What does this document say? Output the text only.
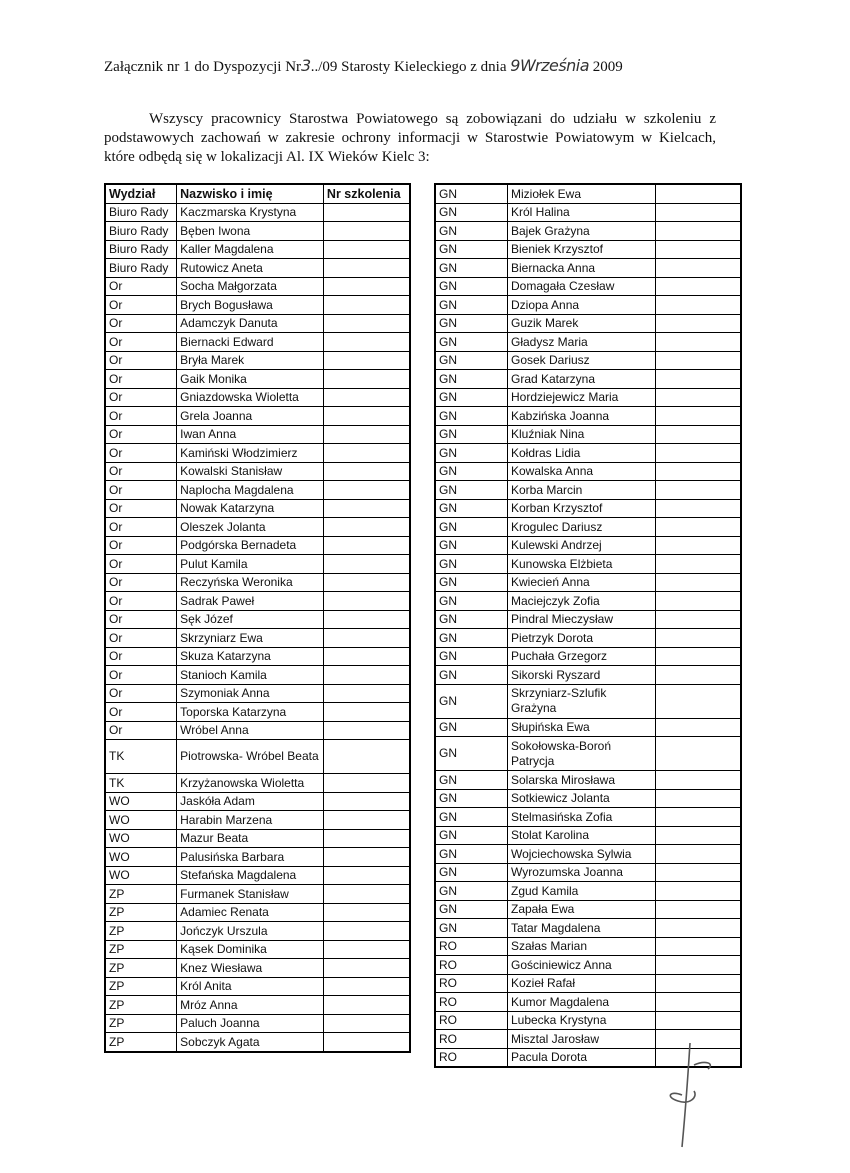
Załącznik nr 1 do Dyspozycji Nr3../09 Starosty Kieleckiego z dnia 9Września 2009
Wszyscy pracownicy Starostwa Powiatowego są zobowiązani do udziału w szkoleniu z podstawowych zachowań w zakresie ochrony informacji w Starostwie Powiatowym w Kielcach, które odbędą się w lokalizacji Al. IX Wieków Kielc 3:
Wydział	Nazwisko i imię	Nr szkolenia
Biuro Rady	Kaczmarska Krystyna	
Biuro Rady	Bęben Iwona	
Biuro Rady	Kaller Magdalena	
Biuro Rady	Rutowicz Aneta	
Or	Socha Małgorzata	
Or	Brych Bogusława	
Or	Adamczyk Danuta	
Or	Biernacki Edward	
Or	Bryła Marek	
Or	Gaik Monika	
Or	Gniazdowska Wioletta	
Or	Grela Joanna	
Or	Iwan Anna	
Or	Kamiński Włodzimierz	
Or	Kowalski Stanisław	
Or	Naplocha Magdalena	
Or	Nowak Katarzyna	
Or	Oleszek Jolanta	
Or	Podgórska Bernadeta	
Or	Pulut Kamila	
Or	Reczyńska Weronika	
Or	Sadrak Paweł	
Or	Sęk Józef	
Or	Skrzyniarz Ewa	
Or	Skuza Katarzyna	
Or	Stanioch Kamila	
Or	Szymoniak Anna	
Or	Toporska Katarzyna	
Or	Wróbel Anna	
TK	Piotrowska- Wróbel Beata	
TK	Krzyżanowska Wioletta	
WO	Jaskóła Adam	
WO	Harabin Marzena	
WO	Mazur Beata	
WO	Palusińska Barbara	
WO	Stefańska Magdalena	
ZP	Furmanek Stanisław	
ZP	Adamiec Renata	
ZP	Jończyk Urszula	
ZP	Kąsek Dominika	
ZP	Knez Wiesława	
ZP	Król Anita	
ZP	Mróz Anna	
ZP	Paluch Joanna	
ZP	Sobczyk Agata	
GN	Miziołek Ewa	
GN	Król Halina	
GN	Bajek Grażyna	
GN	Bieniek Krzysztof	
GN	Biernacka Anna	
GN	Domagała Czesław	
GN	Dziopa Anna	
GN	Guzik Marek	
GN	Gładysz Maria	
GN	Gosek Dariusz	
GN	Grad Katarzyna	
GN	Hordziejewicz Maria	
GN	Kabzińska Joanna	
GN	Kluźniak Nina	
GN	Kołdras Lidia	
GN	Kowalska Anna	
GN	Korba Marcin	
GN	Korban Krzysztof	
GN	Krogulec Dariusz	
GN	Kulewski Andrzej	
GN	Kunowska Elżbieta	
GN	Kwiecień Anna	
GN	Maciejczyk Zofia	
GN	Pindral Mieczysław	
GN	Pietrzyk Dorota	
GN	Puchała Grzegorz	
GN	Sikorski Ryszard	
GN	Skrzyniarz-Szlufik Grażyna	
GN	Słupińska Ewa	
GN	Sokołowska-Boroń Patrycja	
GN	Solarska Mirosława	
GN	Sotkiewicz Jolanta	
GN	Stelmasińska Zofia	
GN	Stolat Karolina	
GN	Wojciechowska Sylwia	
GN	Wyrozumska Joanna	
GN	Zgud Kamila	
GN	Zapała Ewa	
GN	Tatar Magdalena	
RO	Szałas Marian	
RO	Gościniewicz Anna	
RO	Kozieł Rafał	
RO	Kumor Magdalena	
RO	Lubecka Krystyna	
RO	Misztal Jarosław	
RO	Pacula Dorota	
